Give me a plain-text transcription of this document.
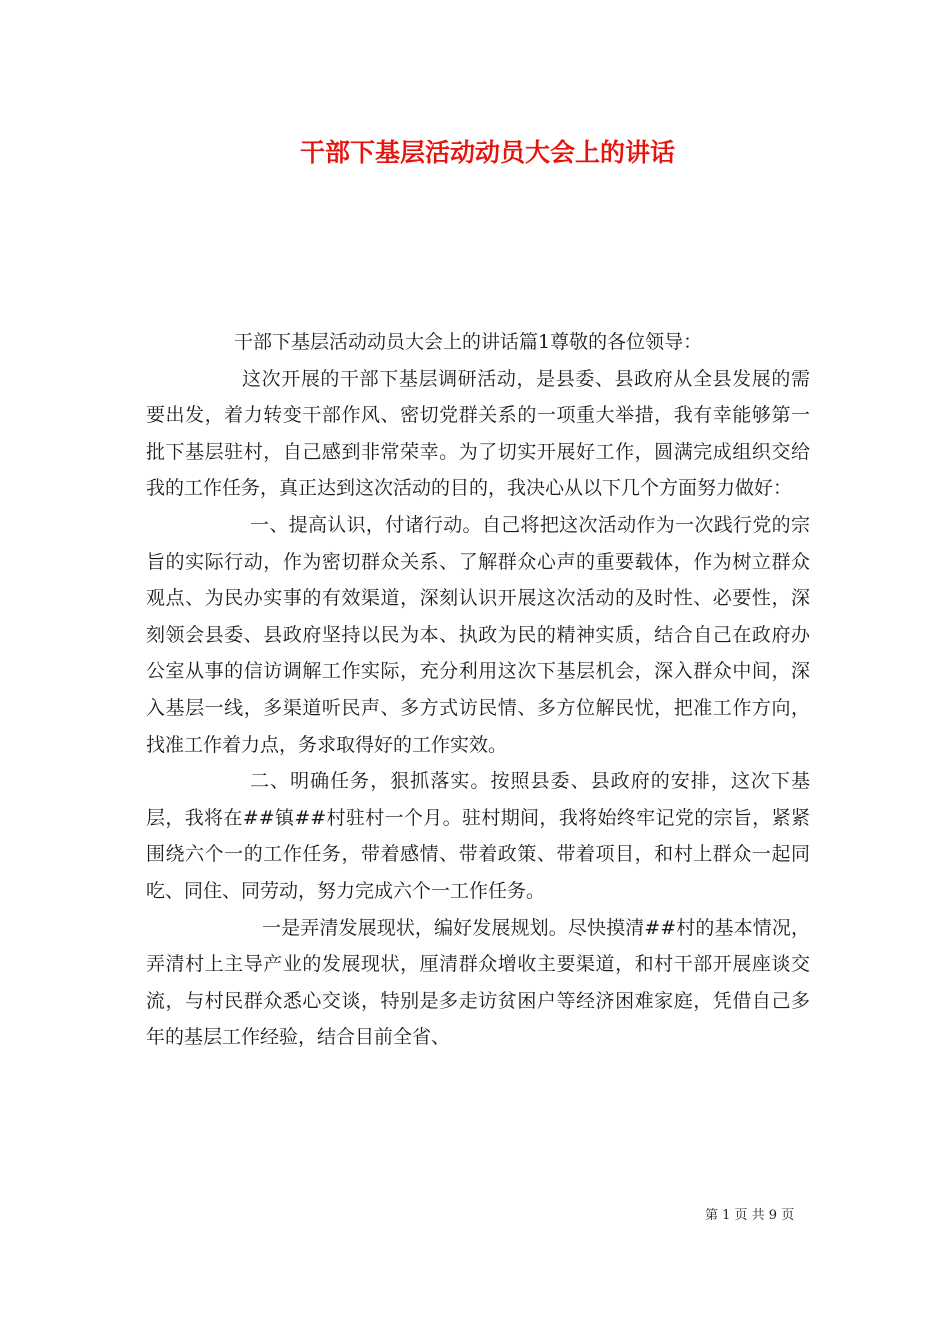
干部下基层活动动员大会上的讲话

干部下基层活动动员大会上的讲话篇1尊敬的各位领导：

这次开展的干部下基层调研活动，是县委、县政府从全县发展的需要出发，着力转变干部作风、密切党群关系的一项重大举措，我有幸能够第一批下基层驻村，自己感到非常荣幸。为了切实开展好工作，圆满完成组织交给我的工作任务，真正达到这次活动的目的，我决心从以下几个方面努力做好：

一、提高认识，付诸行动。自己将把这次活动作为一次践行党的宗旨的实际行动，作为密切群众关系、了解群众心声的重要载体，作为树立群众观点、为民办实事的有效渠道，深刻认识开展这次活动的及时性、必要性，深刻领会县委、县政府坚持以民为本、执政为民的精神实质，结合自己在政府办公室从事的信访调解工作实际，充分利用这次下基层机会，深入群众中间，深入基层一线，多渠道听民声、多方式访民情、多方位解民忧，把准工作方向，找准工作着力点，务求取得好的工作实效。

二、明确任务，狠抓落实。按照县委、县政府的安排，这次下基层，我将在##镇##村驻村一个月。驻村期间，我将始终牢记党的宗旨，紧紧围绕六个一的工作任务，带着感情、带着政策、带着项目，和村上群众一起同吃、同住、同劳动，努力完成六个一工作任务。

一是弄清发展现状，编好发展规划。尽快摸清##村的基本情况，弄清村上主导产业的发展现状，厘清群众增收主要渠道，和村干部开展座谈交流，与村民群众悉心交谈，特别是多走访贫困户等经济困难家庭，凭借自己多年的基层工作经验，结合目前全省、

第 1 页 共 9 页
